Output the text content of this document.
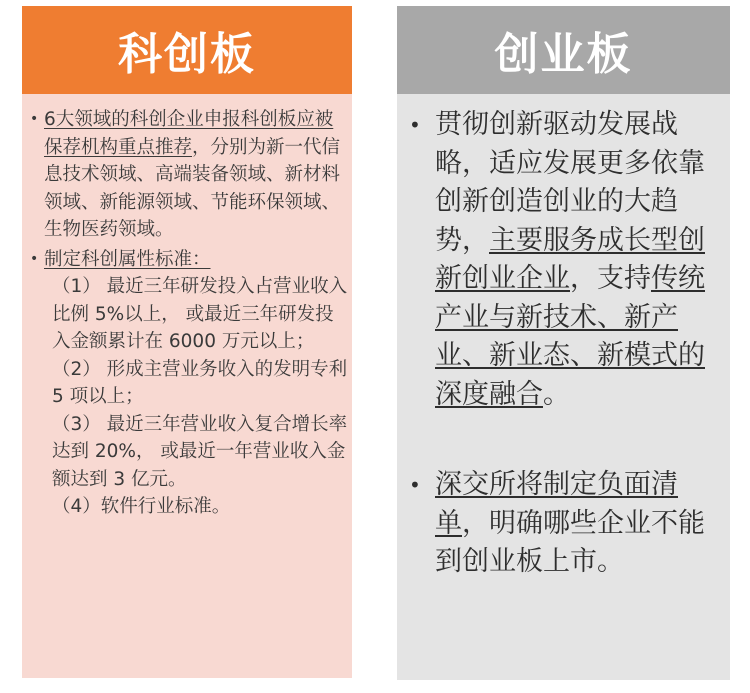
科创板
• 6大领域的科创企业申报科创板应被保荐机构重点推荐，分别为新一代信息技术领域、高端装备领域、新材料领域、新能源领域、节能环保领域、生物医药领域。
• 制定科创属性标准：
（1） 最近三年研发投入占营业收入比例 5%以上， 或最近三年研发投入金额累计在 6000 万元以上；
（2） 形成主营业务收入的发明专利 5 项以上；
（3） 最近三年营业收入复合增长率达到 20%， 或最近一年营业收入金额达到 3 亿元。
（4）软件行业标准。
创业板
• 贯彻创新驱动发展战略，适应发展更多依靠创新创造创业的大趋势，主要服务成长型创新创业企业，支持传统产业与新技术、新产业、新业态、新模式的深度融合。
• 深交所将制定负面清单，明确哪些企业不能到创业板上市。
